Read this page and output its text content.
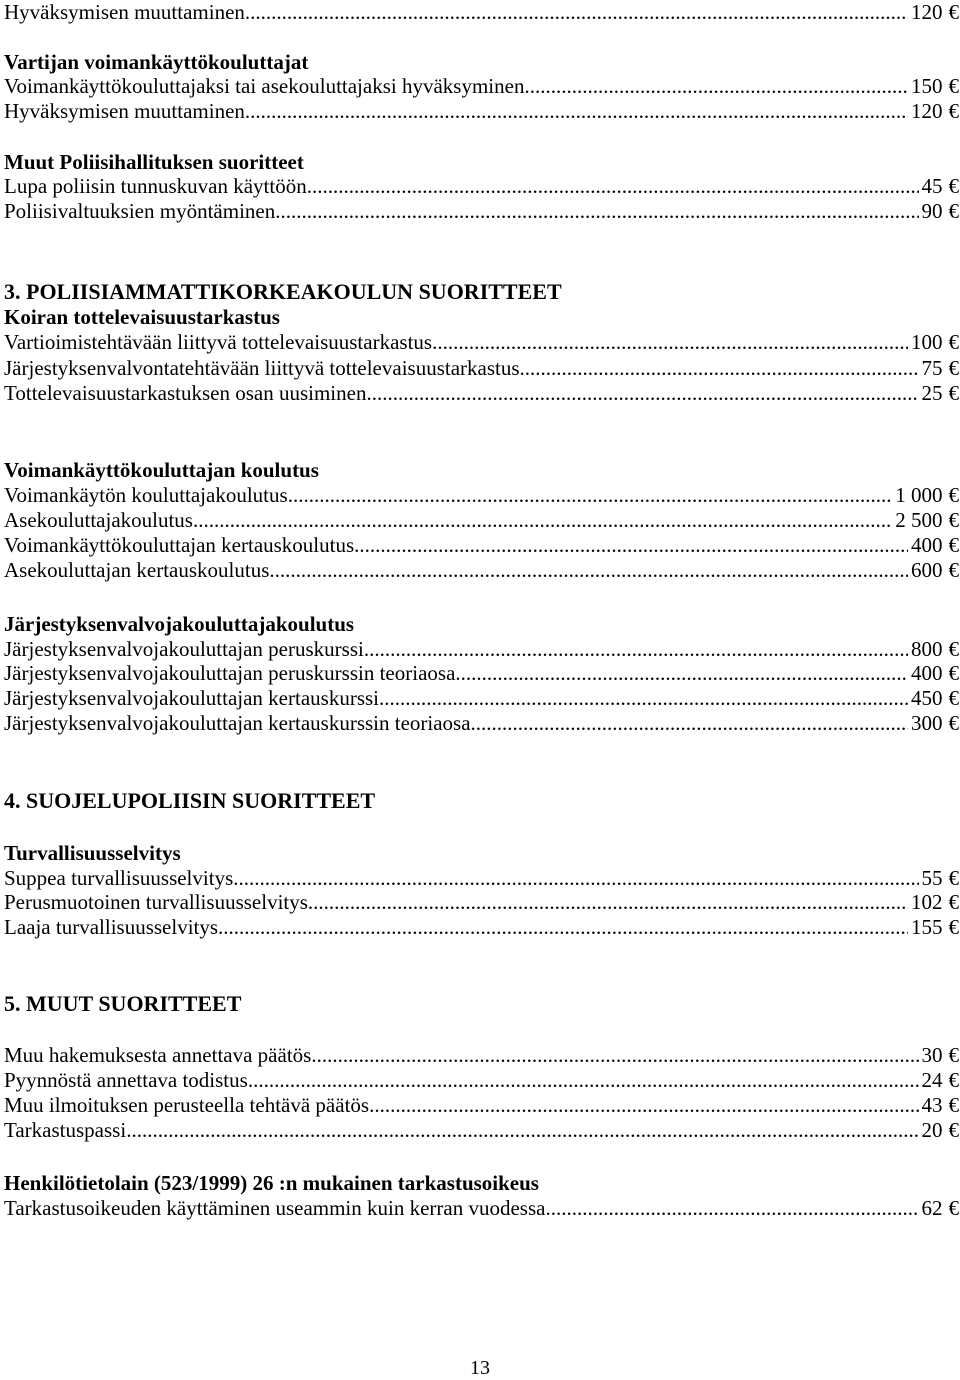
Hyväksymisen muuttaminen .....	120 €
Vartijan voimankäyttökouluttajat
Voimankäyttökouluttajaksi tai asekouluttajaksi hyväksyminen .....	150 €
Hyväksymisen muuttaminen .....	120 €
Muut Poliisihallituksen suoritteet
Lupa poliisin tunnuskuvan käyttöön .....	45 €
Poliisivaltuuksien myöntäminen .....	90 €
3. POLIISIAMMATTIKORKEAKOULUN SUORITTEET
Koiran tottelevaisuustarkastus
Vartioimistehtävään liittyvä tottelevaisuustarkastus .....	100 €
Järjestyksenvalvontatehtävään liittyvä tottelevaisuustarkastus .....	75 €
Tottelevaisuustarkastuksen osan uusiminen .....	25 €
Voimankäyttökouluttajan koulutus
Voimankäytön kouluttajakoulutus .....	1 000 €
Asekouluttajakoulutus .....	2 500 €
Voimankäyttökouluttajan kertauskoulutus .....	400 €
Asekouluttajan kertauskoulutus .....	600 €
Järjestyksenvalvojakouluttajakoulutus
Järjestyksenvalvojakouluttajan peruskurssi .....	800 €
Järjestyksenvalvojakouluttajan peruskurssin teoriaosa .....	400 €
Järjestyksenvalvojakouluttajan kertauskurssi .....	450 €
Järjestyksenvalvojakouluttajan kertauskurssin teoriaosa .....	300 €
4. SUOJELUPOLIISIN SUORITTEET
Turvallisuusselvitys
Suppea turvallisuusselvitys .....	55 €
Perusmuotoinen turvallisuusselvitys .....	102 €
Laaja turvallisuusselvitys .....	155 €
5. MUUT SUORITTEET
Muu hakemuksesta annettava päätös .....	30 €
Pyynnöstä annettava todistus .....	24 €
Muu ilmoituksen perusteella tehtävä päätös .....	43 €
Tarkastuspassi .....	20 €
Henkilötietolain (523/1999) 26 :n mukainen tarkastusoikeus
Tarkastusoikeuden käyttäminen useammin kuin kerran vuodessa .....	62 €
13
